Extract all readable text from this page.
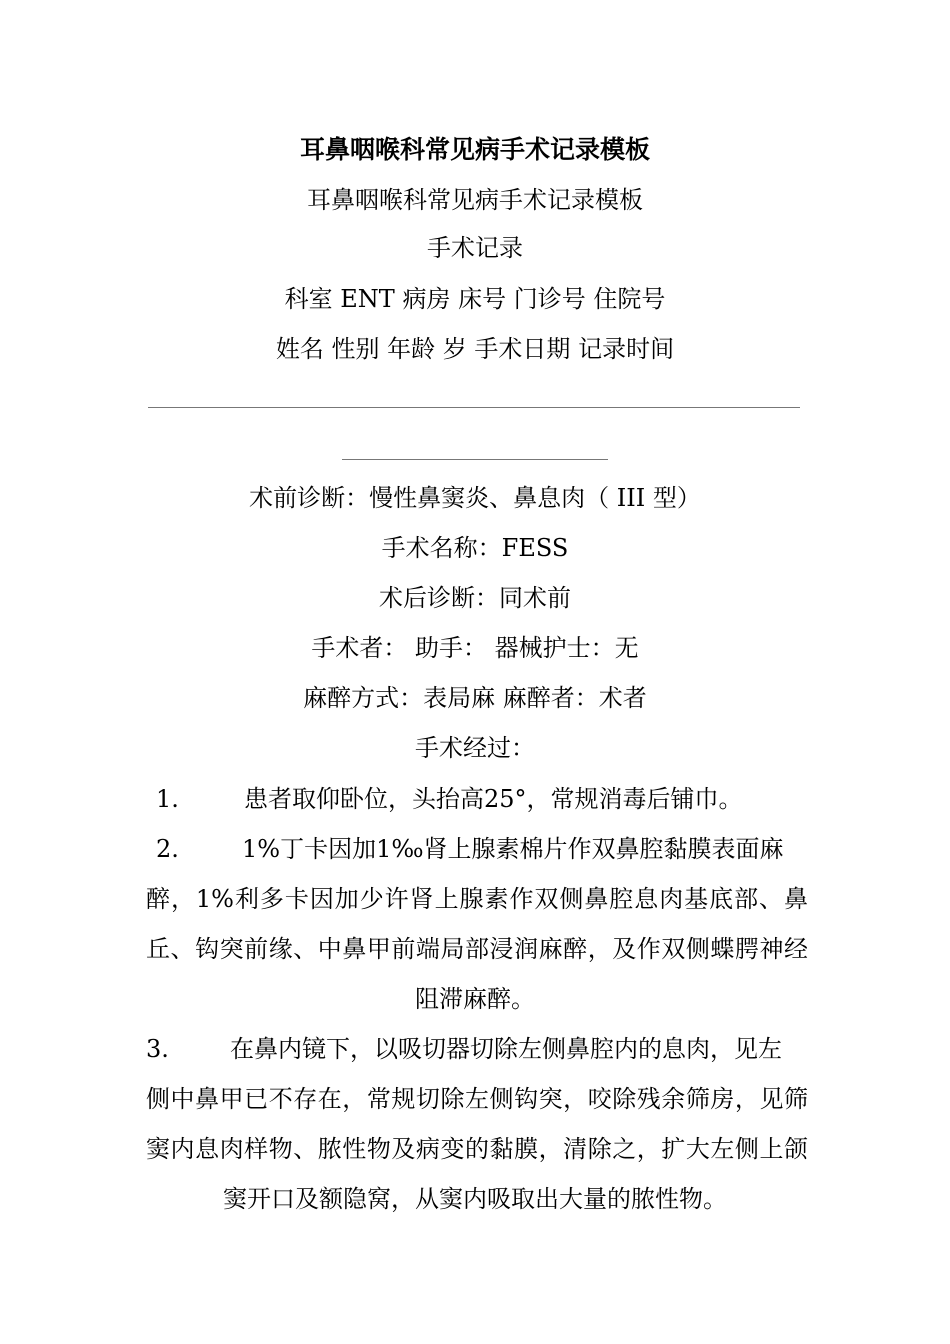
耳鼻咽喉科常见病手术记录模板
耳鼻咽喉科常见病手术记录模板
手术记录
科室 ENT 病房 床号 门诊号 住院号
姓名 性别 年龄 岁 手术日期 记录时间
术前诊断：慢性鼻窦炎、鼻息肉（ III 型）
手术名称：FESS
术后诊断：同术前
手术者： 助手： 器械护士：无
麻醉方式：表局麻 麻醉者：术者
手术经过：
1.	患者取仰卧位，头抬高25°，常规消毒后铺巾。
2.	1%丁卡因加1‰肾上腺素棉片作双鼻腔黏膜表面麻
醉，1%利多卡因加少许肾上腺素作双侧鼻腔息肉基底部、鼻
丘、钩突前缘、中鼻甲前端局部浸润麻醉，及作双侧蝶腭神经
阻滞麻醉。
3.	在鼻内镜下，以吸切器切除左侧鼻腔内的息肉，见左
侧中鼻甲已不存在，常规切除左侧钩突，咬除残余筛房，见筛
窦内息肉样物、脓性物及病变的黏膜，清除之，扩大左侧上颌
窦开口及额隐窝，从窦内吸取出大量的脓性物。
